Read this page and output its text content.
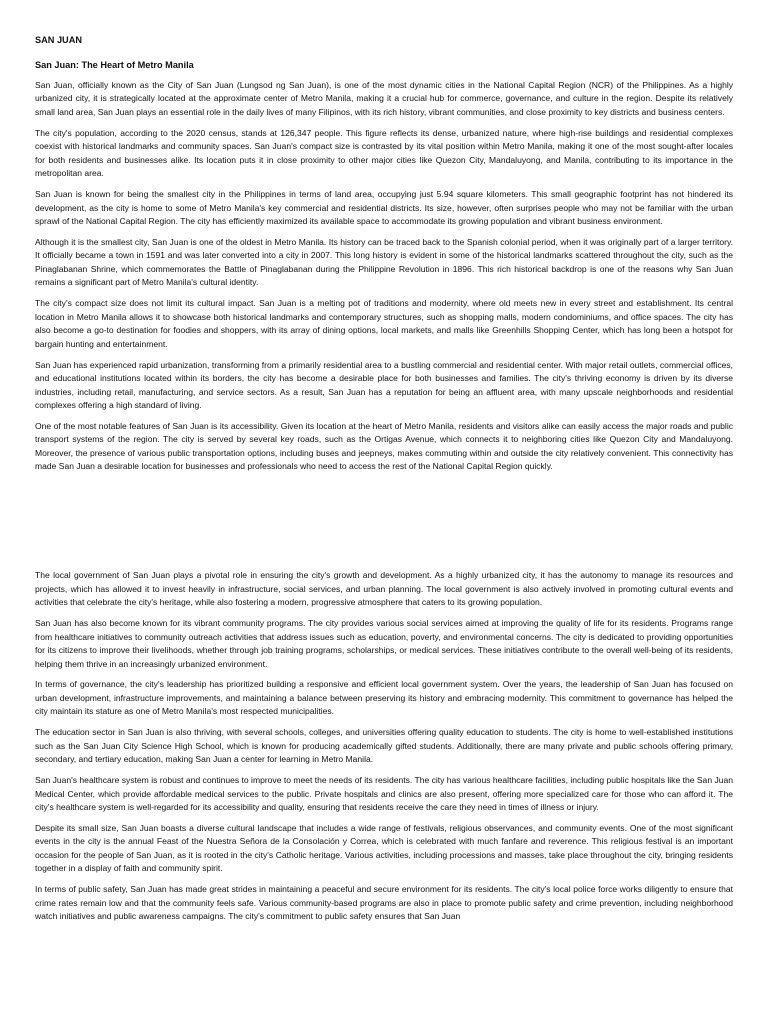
SAN JUAN
San Juan: The Heart of Metro Manila

San Juan, officially known as the City of San Juan (Lungsod ng San Juan), is one of the most dynamic cities in the National Capital Region (NCR) of the Philippines. As a highly urbanized city, it is strategically located at the approximate center of Metro Manila, making it a crucial hub for commerce, governance, and culture in the region. Despite its relatively small land area, San Juan plays an essential role in the daily lives of many Filipinos, with its rich history, vibrant communities, and close proximity to key districts and business centers.

The city's population, according to the 2020 census, stands at 126,347 people. This figure reflects its dense, urbanized nature, where high-rise buildings and residential complexes coexist with historical landmarks and community spaces. San Juan's compact size is contrasted by its vital position within Metro Manila, making it one of the most sought-after locales for both residents and businesses alike. Its location puts it in close proximity to other major cities like Quezon City, Mandaluyong, and Manila, contributing to its importance in the metropolitan area.

San Juan is known for being the smallest city in the Philippines in terms of land area, occupying just 5.94 square kilometers. This small geographic footprint has not hindered its development, as the city is home to some of Metro Manila's key commercial and residential districts. Its size, however, often surprises people who may not be familiar with the urban sprawl of the National Capital Region. The city has efficiently maximized its available space to accommodate its growing population and vibrant business environment.

Although it is the smallest city, San Juan is one of the oldest in Metro Manila. Its history can be traced back to the Spanish colonial period, when it was originally part of a larger territory. It officially became a town in 1591 and was later converted into a city in 2007. This long history is evident in some of the historical landmarks scattered throughout the city, such as the Pinaglabanan Shrine, which commemorates the Battle of Pinaglabanan during the Philippine Revolution in 1896. This rich historical backdrop is one of the reasons why San Juan remains a significant part of Metro Manila's cultural identity.

The city's compact size does not limit its cultural impact. San Juan is a melting pot of traditions and modernity, where old meets new in every street and establishment. Its central location in Metro Manila allows it to showcase both historical landmarks and contemporary structures, such as shopping malls, modern condominiums, and office spaces. The city has also become a go-to destination for foodies and shoppers, with its array of dining options, local markets, and malls like Greenhills Shopping Center, which has long been a hotspot for bargain hunting and entertainment.

San Juan has experienced rapid urbanization, transforming from a primarily residential area to a bustling commercial and residential center. With major retail outlets, commercial offices, and educational institutions located within its borders, the city has become a desirable place for both businesses and families. The city's thriving economy is driven by its diverse industries, including retail, manufacturing, and service sectors. As a result, San Juan has a reputation for being an affluent area, with many upscale neighborhoods and residential complexes offering a high standard of living.

One of the most notable features of San Juan is its accessibility. Given its location at the heart of Metro Manila, residents and visitors alike can easily access the major roads and public transport systems of the region. The city is served by several key roads, such as the Ortigas Avenue, which connects it to neighboring cities like Quezon City and Mandaluyong. Moreover, the presence of various public transportation options, including buses and jeepneys, makes commuting within and outside the city relatively convenient. This connectivity has made San Juan a desirable location for businesses and professionals who need to access the rest of the National Capital Region quickly.

The local government of San Juan plays a pivotal role in ensuring the city's growth and development. As a highly urbanized city, it has the autonomy to manage its resources and projects, which has allowed it to invest heavily in infrastructure, social services, and urban planning. The local government is also actively involved in promoting cultural events and activities that celebrate the city's heritage, while also fostering a modern, progressive atmosphere that caters to its growing population.

San Juan has also become known for its vibrant community programs. The city provides various social services aimed at improving the quality of life for its residents. Programs range from healthcare initiatives to community outreach activities that address issues such as education, poverty, and environmental concerns. The city is dedicated to providing opportunities for its citizens to improve their livelihoods, whether through job training programs, scholarships, or medical services. These initiatives contribute to the overall well-being of its residents, helping them thrive in an increasingly urbanized environment.

In terms of governance, the city's leadership has prioritized building a responsive and efficient local government system. Over the years, the leadership of San Juan has focused on urban development, infrastructure improvements, and maintaining a balance between preserving its history and embracing modernity. This commitment to governance has helped the city maintain its stature as one of Metro Manila's most respected municipalities.

The education sector in San Juan is also thriving, with several schools, colleges, and universities offering quality education to students. The city is home to well-established institutions such as the San Juan City Science High School, which is known for producing academically gifted students. Additionally, there are many private and public schools offering primary, secondary, and tertiary education, making San Juan a center for learning in Metro Manila.

San Juan's healthcare system is robust and continues to improve to meet the needs of its residents. The city has various healthcare facilities, including public hospitals like the San Juan Medical Center, which provide affordable medical services to the public. Private hospitals and clinics are also present, offering more specialized care for those who can afford it. The city's healthcare system is well-regarded for its accessibility and quality, ensuring that residents receive the care they need in times of illness or injury.

Despite its small size, San Juan boasts a diverse cultural landscape that includes a wide range of festivals, religious observances, and community events. One of the most significant events in the city is the annual Feast of the Nuestra Señora de la Consolación y Correa, which is celebrated with much fanfare and reverence. This religious festival is an important occasion for the people of San Juan, as it is rooted in the city's Catholic heritage. Various activities, including processions and masses, take place throughout the city, bringing residents together in a display of faith and community spirit.

In terms of public safety, San Juan has made great strides in maintaining a peaceful and secure environment for its residents. The city's local police force works diligently to ensure that crime rates remain low and that the community feels safe. Various community-based programs are also in place to promote public safety and crime prevention, including neighborhood watch initiatives and public awareness campaigns. The city's commitment to public safety ensures that San Juan
